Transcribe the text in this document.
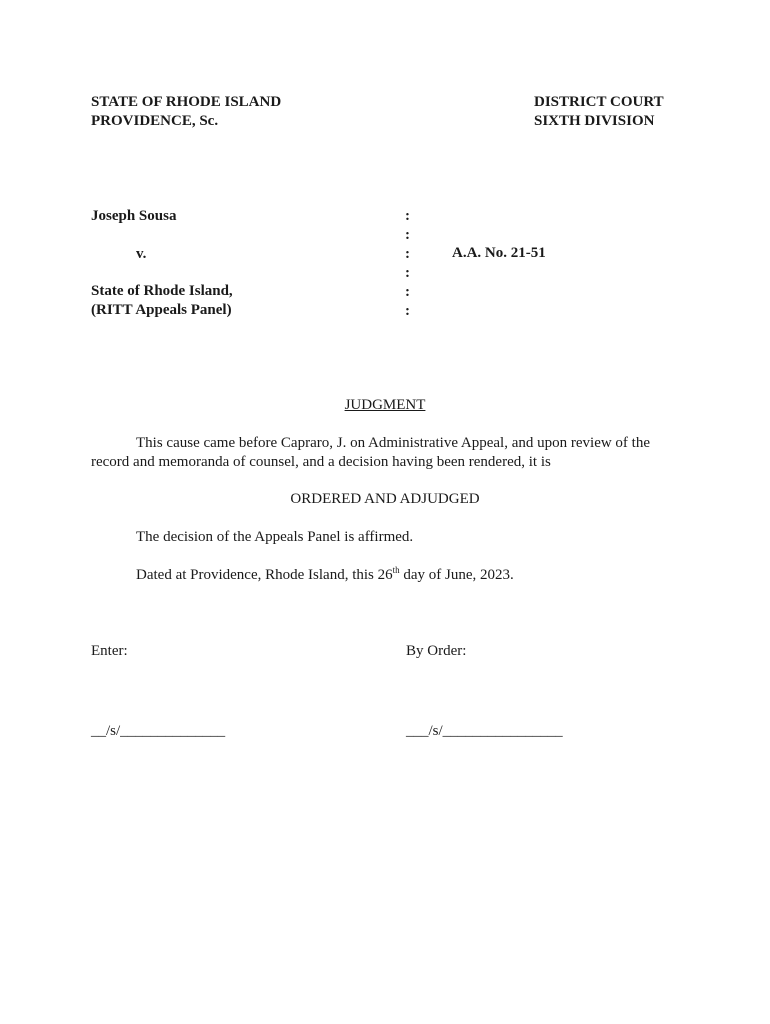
STATE OF RHODE ISLAND
PROVIDENCE, Sc.
DISTRICT COURT
SIXTH DIVISION
Joseph Sousa
v.
State of Rhode Island,
(RITT Appeals Panel)
:
:
:
:
:
:
A.A. No. 21-51
JUDGMENT
This cause came before Capraro, J. on Administrative Appeal, and upon review of the record and memoranda of counsel, and a decision having been rendered, it is
ORDERED AND ADJUDGED
The decision of the Appeals Panel is affirmed.
Dated at Providence, Rhode Island, this 26th day of June, 2023.
Enter:	By Order:
__/s/______________	___/s/________________
